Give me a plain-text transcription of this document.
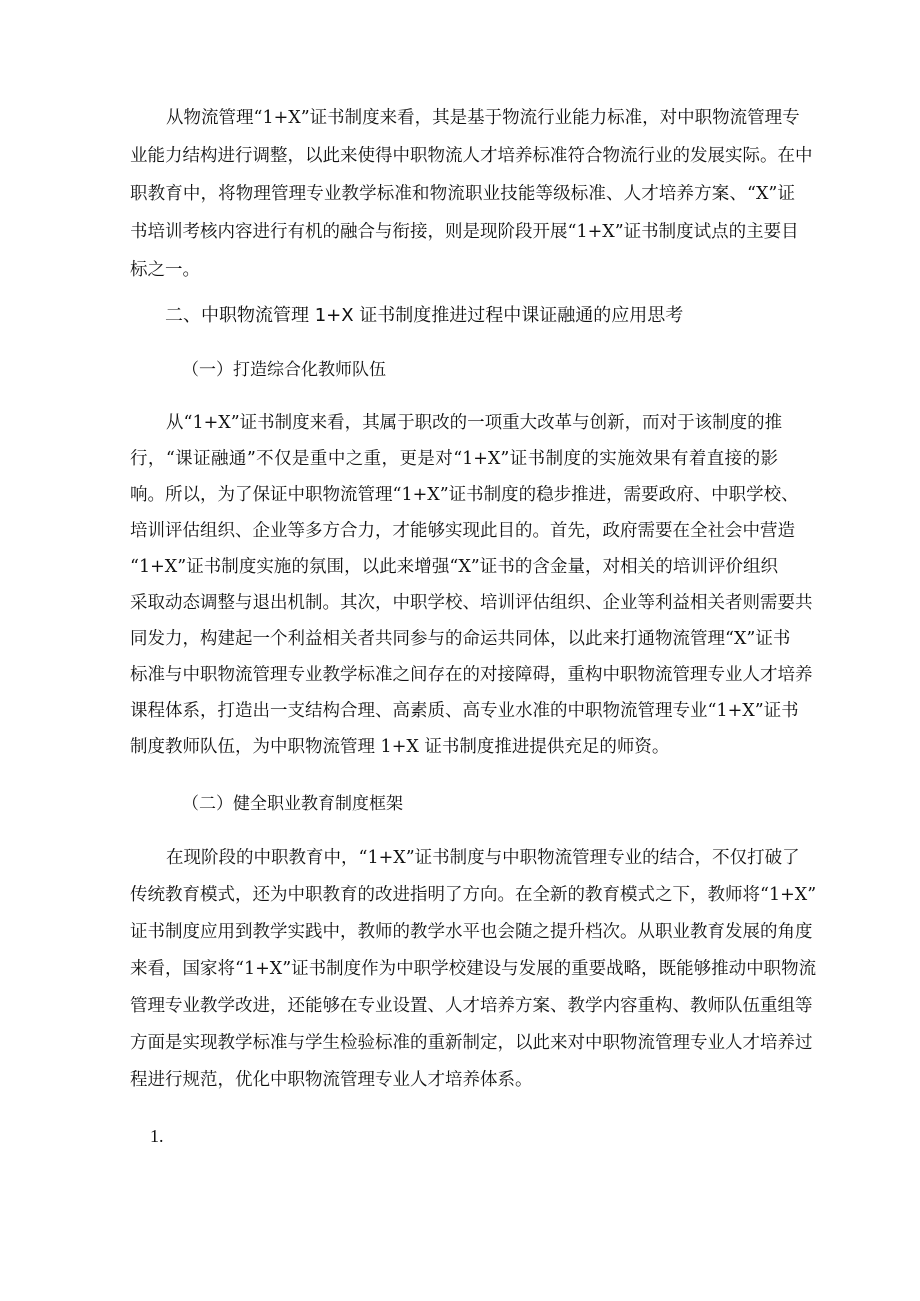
从物流管理“1+X”证书制度来看，其是基于物流行业能力标准，对中职物流管理专
业能力结构进行调整，以此来使得中职物流人才培养标准符合物流行业的发展实际。在中
职教育中，将物理管理专业教学标准和物流职业技能等级标准、人才培养方案、“X”证
书培训考核内容进行有机的融合与衔接，则是现阶段开展“1+X”证书制度试点的主要目
标之一。
二、中职物流管理 1+X 证书制度推进过程中课证融通的应用思考
（一）打造综合化教师队伍
从“1+X”证书制度来看，其属于职改的一项重大改革与创新，而对于该制度的推
行，“课证融通”不仅是重中之重，更是对“1+X”证书制度的实施效果有着直接的影
响。所以，为了保证中职物流管理“1+X”证书制度的稳步推进，需要政府、中职学校、
培训评估组织、企业等多方合力，才能够实现此目的。首先，政府需要在全社会中营造
“1+X”证书制度实施的氛围，以此来增强“X”证书的含金量，对相关的培训评价组织
采取动态调整与退出机制。其次，中职学校、培训评估组织、企业等利益相关者则需要共
同发力，构建起一个利益相关者共同参与的命运共同体，以此来打通物流管理“X”证书
标准与中职物流管理专业教学标准之间存在的对接障碍，重构中职物流管理专业人才培养
课程体系，打造出一支结构合理、高素质、高专业水准的中职物流管理专业“1+X”证书
制度教师队伍，为中职物流管理 1+X 证书制度推进提供充足的师资。
（二）健全职业教育制度框架
在现阶段的中职教育中，“1+X”证书制度与中职物流管理专业的结合，不仅打破了
传统教育模式，还为中职教育的改进指明了方向。在全新的教育模式之下，教师将“1+X”
证书制度应用到教学实践中，教师的教学水平也会随之提升档次。从职业教育发展的角度
来看，国家将“1+X”证书制度作为中职学校建设与发展的重要战略，既能够推动中职物流
管理专业教学改进，还能够在专业设置、人才培养方案、教学内容重构、教师队伍重组等
方面是实现教学标准与学生检验标准的重新制定，以此来对中职物流管理专业人才培养过
程进行规范，优化中职物流管理专业人才培养体系。
1.
